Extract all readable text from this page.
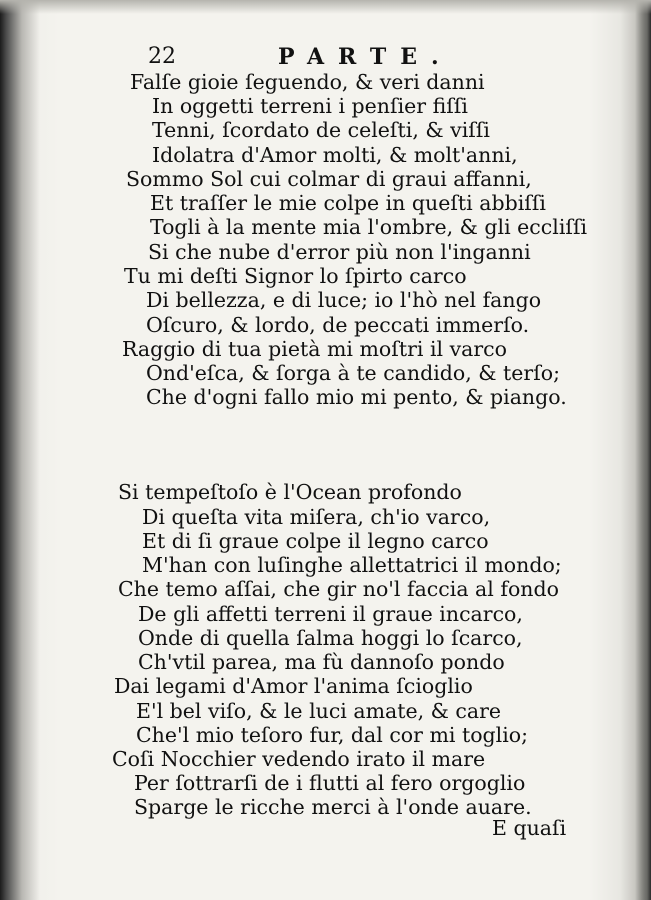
22	PARTE.
Falſe gioie ſeguendo, & veri danni
In oggetti terreni i penſier fiſſi
Tenni, ſcordato de celeſti, & viſſi
Idolatra d'Amor molti, & molt'anni,
Sommo Sol cui colmar di graui affanni,
Et traſſer le mie colpe in queſti abbiſſi
Togli à la mente mia l'ombre, & gli eccliſſi
Si che nube d'error più non l'inganni
Tu mi deſti Signor lo ſpirto carco
Di bellezza, e di luce; io l'hò nel fango
Oſcuro, & lordo, de peccati immerſo.
Raggio di tua pietà mi moſtri il varco
Ond'eſca, & ſorga à te candido, & terſo;
Che d'ogni fallo mio mi pento, & piango.
Si tempeſtoſo è l'Ocean profondo
Di queſta vita miſera, ch'io varco,
Et di ſi graue colpe il legno carco
M'han con luſinghe allettatrici il mondo;
Che temo aſſai, che gir no'l faccia al fondo
De gli affetti terreni il graue incarco,
Onde di quella ſalma hoggi lo ſcarco,
Ch'vtil parea, ma fù dannoſo pondo
Dai legami d'Amor l'anima ſcioglio
E'l bel viſo, & le luci amate, & care
Che'l mio teſoro fur, dal cor mi toglio;
Coſi Nocchier vedendo irato il mare
Per ſottrarſi de i flutti al fero orgoglio
Sparge le ricche merci à l'onde auare.
E quaſi
